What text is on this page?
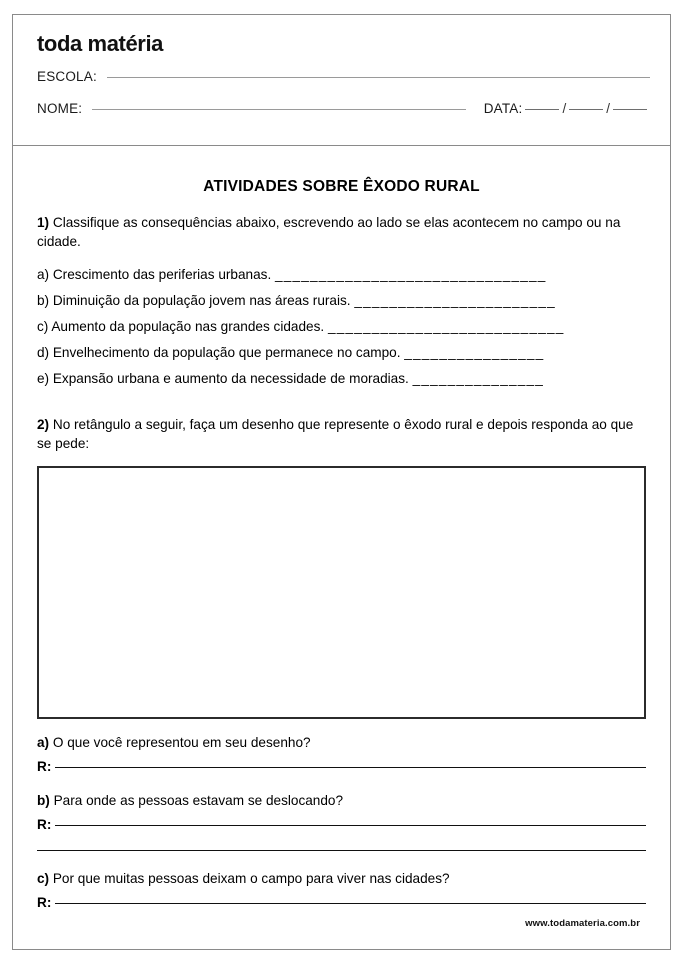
toda matéria
ESCOLA:
NOME:	DATA:	/	/
ATIVIDADES SOBRE ÊXODO RURAL
1) Classifique as consequências abaixo, escrevendo ao lado se elas acontecem no campo ou na cidade.
a) Crescimento das periferias urbanas. _______________________________
b) Diminuição da população jovem nas áreas rurais. _______________________
c) Aumento da população nas grandes cidades. ___________________________
d) Envelhecimento da população que permanece no campo. ________________
e) Expansão urbana e aumento da necessidade de moradias. _______________
2) No retângulo a seguir, faça um desenho que represente o êxodo rural e depois responda ao que se pede:
a) O que você representou em seu desenho?
R:
b) Para onde as pessoas estavam se deslocando?
R:
c) Por que muitas pessoas deixam o campo para viver nas cidades?
R:
www.todamateria.com.br
